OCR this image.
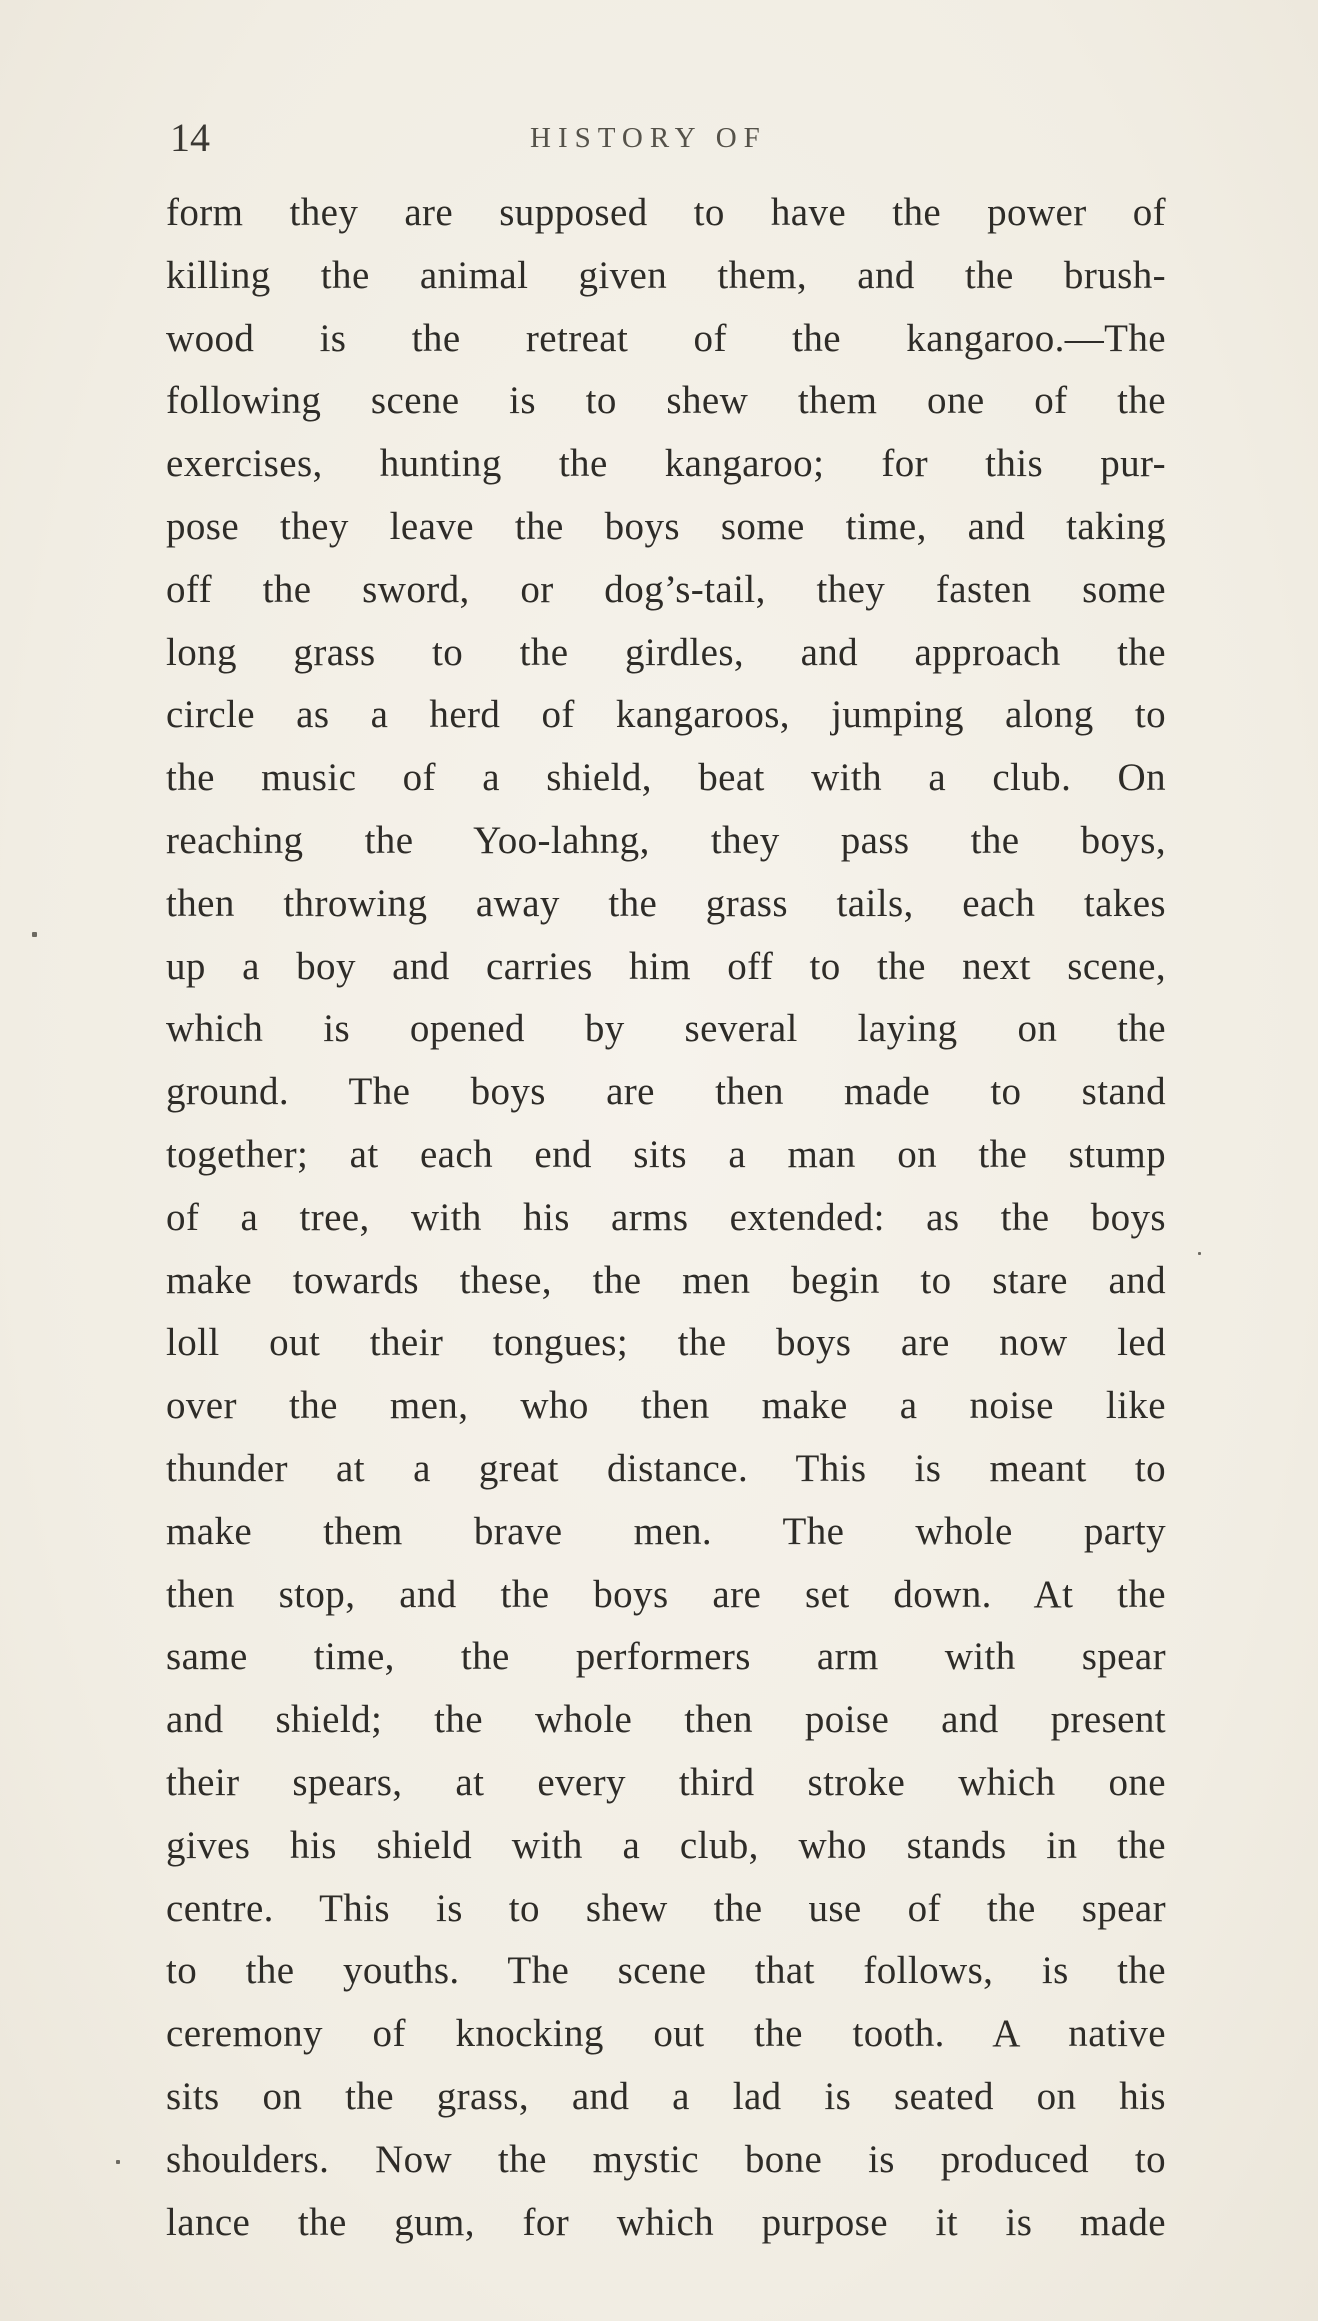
14	HISTORY OF
form they are supposed to have the power of
killing the animal given them, and the brush-
wood is the retreat of the kangaroo.—The
following scene is to shew them one of the
exercises, hunting the kangaroo; for this pur-
pose they leave the boys some time, and taking
off the sword, or dog’s-tail, they fasten some
long grass to the girdles, and approach the
circle as a herd of kangaroos, jumping along to
the music of a shield, beat with a club. On
reaching the Yoo-lahng, they pass the boys,
then throwing away the grass tails, each takes
up a boy and carries him off to the next scene,
which is opened by several laying on the
ground. The boys are then made to stand
together; at each end sits a man on the stump
of a tree, with his arms extended: as the boys
make towards these, the men begin to stare and
loll out their tongues; the boys are now led
over the men, who then make a noise like
thunder at a great distance. This is meant to
make them brave men. The whole party
then stop, and the boys are set down. At the
same time, the performers arm with spear
and shield; the whole then poise and present
their spears, at every third stroke which one
gives his shield with a club, who stands in the
centre. This is to shew the use of the spear
to the youths. The scene that follows, is the
ceremony of knocking out the tooth. A native
sits on the grass, and a lad is seated on his
shoulders. Now the mystic bone is produced to
lance the gum, for which purpose it is made
